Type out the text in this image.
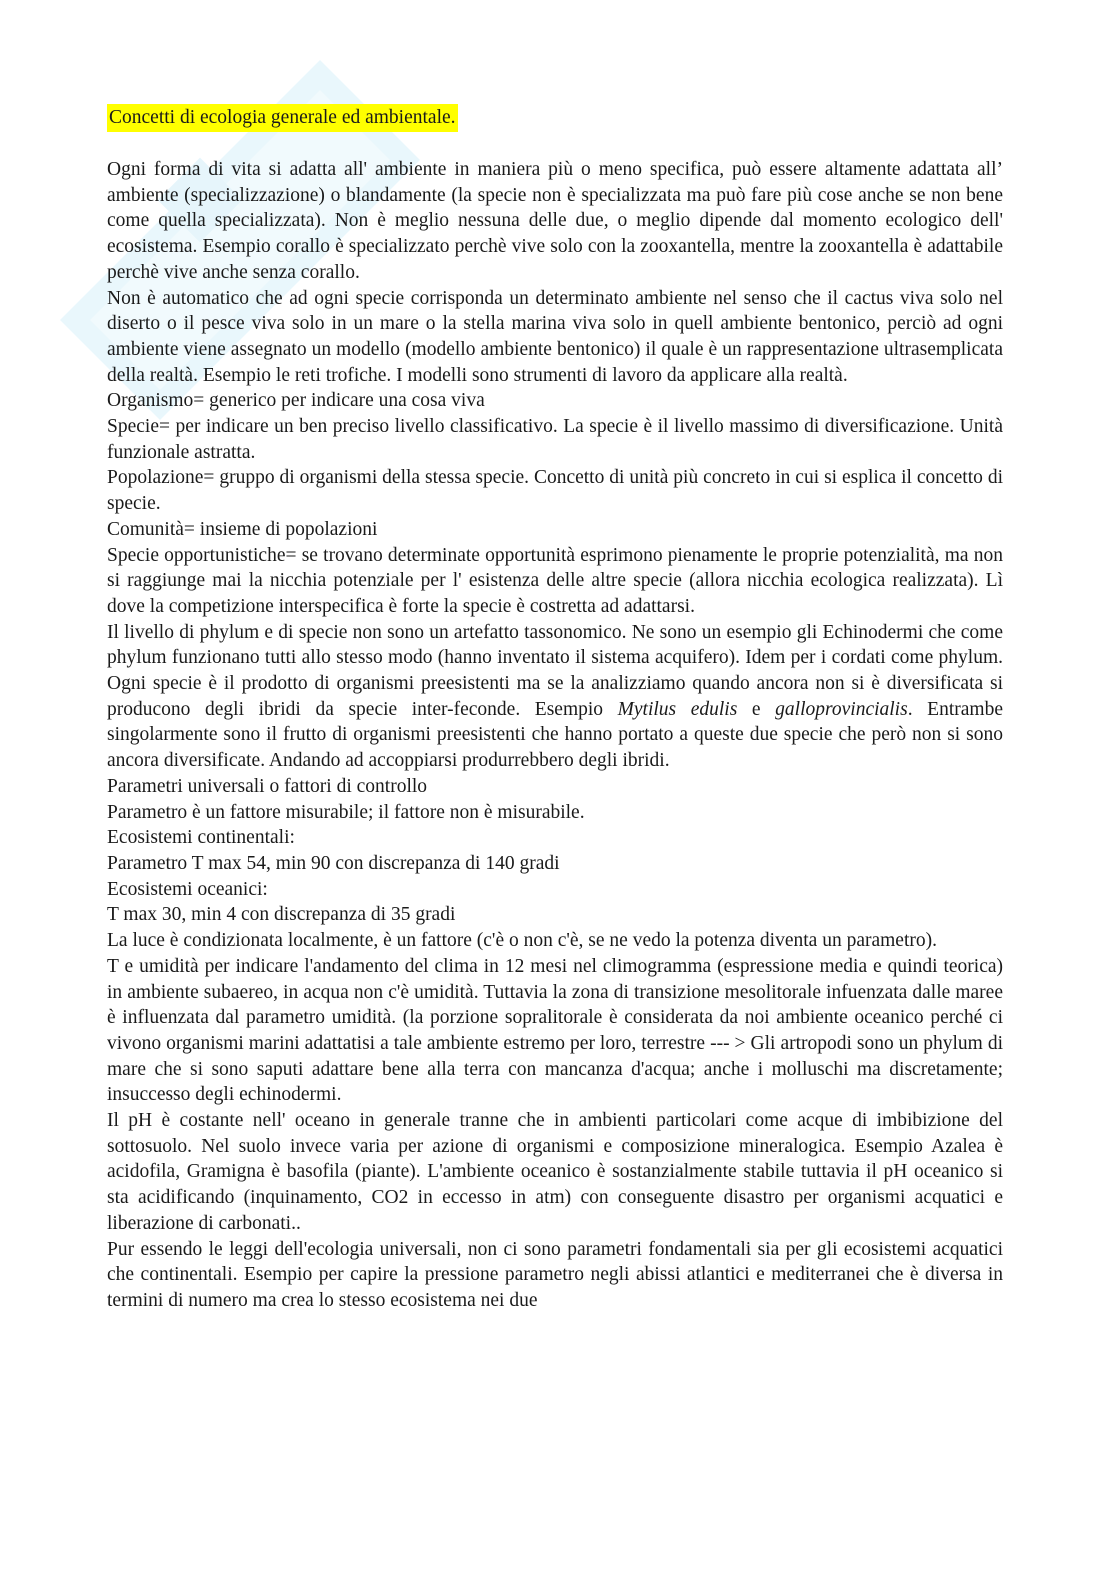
Concetti di ecologia generale ed ambientale.

Ogni forma di vita si adatta all' ambiente in maniera più o meno specifica, può essere altamente adattata all’ ambiente (specializzazione) o blandamente (la specie non è specializzata ma può fare più cose anche se non bene come quella specializzata). Non è meglio nessuna delle due, o meglio dipende dal momento ecologico dell' ecosistema. Esempio corallo è specializzato perchè vive solo con la zooxantella, mentre la zooxantella è adattabile perchè vive anche senza corallo.

Non è automatico che ad ogni specie corrisponda un determinato ambiente nel senso che il cactus viva solo nel diserto o il pesce viva solo in un mare o la stella marina viva solo in quell ambiente bentonico, perciò ad ogni ambiente viene assegnato un modello (modello ambiente bentonico) il quale è un rappresentazione ultrasemplicata della realtà. Esempio le reti trofiche. I modelli sono strumenti di lavoro da applicare alla realtà.

Organismo= generico per indicare una cosa viva

Specie= per indicare un ben preciso livello classificativo. La specie è il livello massimo di diversificazione. Unità funzionale astratta.

Popolazione= gruppo di organismi della stessa specie. Concetto di unità più concreto in cui si esplica il concetto di specie.

Comunità= insieme di popolazioni

Specie opportunistiche= se trovano determinate opportunità esprimono pienamente le proprie potenzialità, ma non si raggiunge mai la nicchia potenziale per l' esistenza delle altre specie (allora nicchia ecologica realizzata). Lì dove la competizione interspecifica è forte la specie è costretta ad adattarsi.

Il livello di phylum e di specie non sono un artefatto tassonomico. Ne sono un esempio gli Echinodermi che come phylum funzionano tutti allo stesso modo (hanno inventato il sistema acquifero). Idem per i cordati come phylum. Ogni specie è il prodotto di organismi preesistenti ma se la analizziamo quando ancora non si è diversificata si producono degli ibridi da specie inter-feconde. Esempio Mytilus edulis e galloprovincialis. Entrambe singolarmente sono il frutto di organismi preesistenti che hanno portato a queste due specie che però non si sono ancora diversificate. Andando ad accoppiarsi produrrebbero degli ibridi.

Parametri universali o fattori di controllo

Parametro è un fattore misurabile; il fattore non è misurabile.

Ecosistemi continentali:

Parametro T max 54, min 90 con discrepanza di 140 gradi

Ecosistemi oceanici:

T max 30, min 4 con discrepanza di 35 gradi

La luce è condizionata localmente, è un fattore (c'è o non c'è, se ne vedo la potenza diventa un parametro).

T e umidità per indicare l'andamento del clima in 12 mesi nel climogramma (espressione media e quindi teorica) in ambiente subaereo, in acqua non c'è umidità. Tuttavia la zona di transizione mesolitorale infuenzata dalle maree è influenzata dal parametro umidità. (la porzione sopralitorale è considerata da noi ambiente oceanico perché ci vivono organismi marini adattatisi a tale ambiente estremo per loro, terrestre --- > Gli artropodi sono un phylum di mare che si sono saputi adattare bene alla terra con mancanza d'acqua; anche i molluschi ma discretamente; insuccesso degli echinodermi.

Il pH è costante nell' oceano in generale tranne che in ambienti particolari come acque di imbibizione del sottosuolo. Nel suolo invece varia per azione di organismi e composizione mineralogica. Esempio Azalea è acidofila, Gramigna è basofila (piante). L'ambiente oceanico è sostanzialmente stabile tuttavia il pH oceanico si sta acidificando (inquinamento, CO2 in eccesso in atm) con conseguente disastro per organismi acquatici e liberazione di carbonati..

Pur essendo le leggi dell'ecologia universali, non ci sono parametri fondamentali sia per gli ecosistemi acquatici che continentali. Esempio per capire la pressione parametro negli abissi atlantici e mediterranei che è diversa in termini di numero ma crea lo stesso ecosistema nei due
